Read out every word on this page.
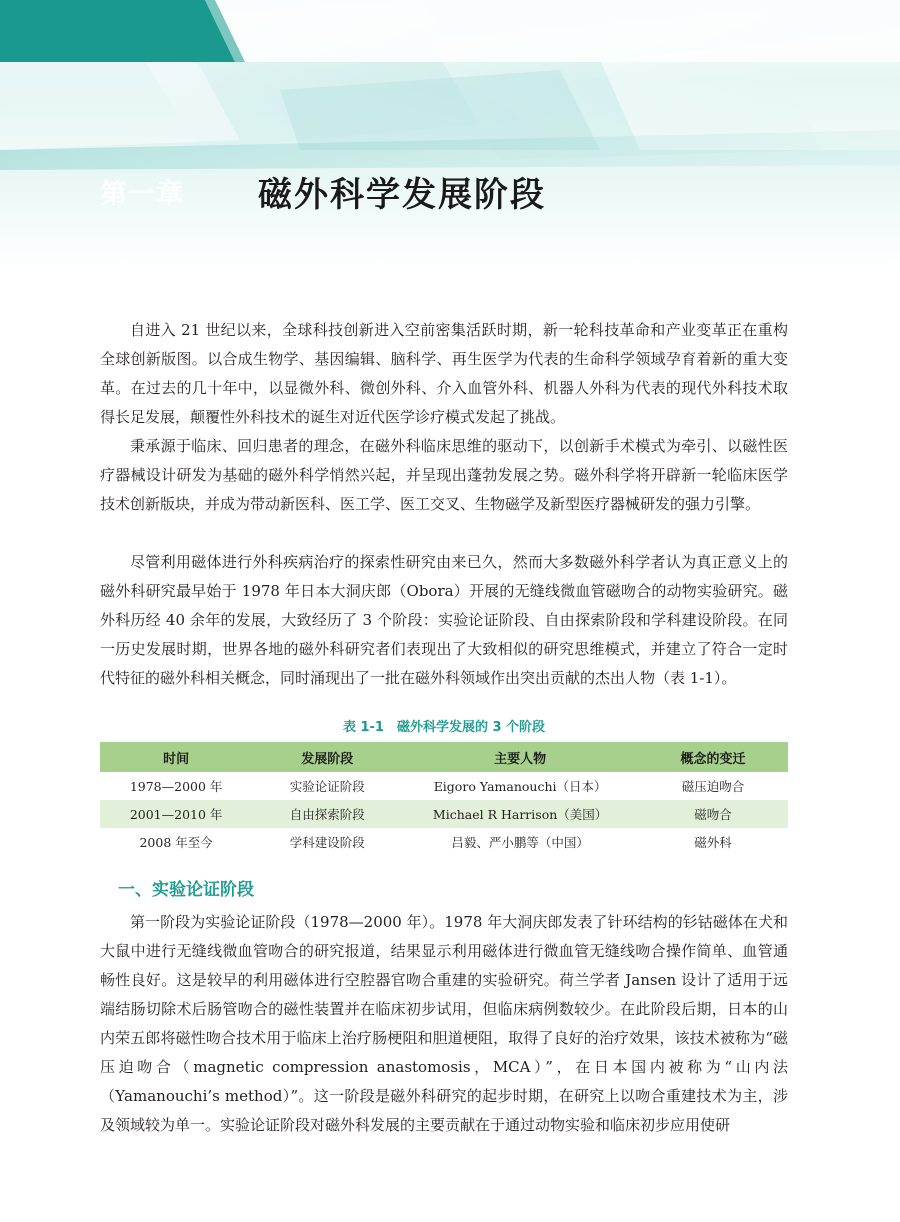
第一章 磁外科学发展阶段

自进入 21 世纪以来，全球科技创新进入空前密集活跃时期，新一轮科技革命和产业变革正在重构全球创新版图。以合成生物学、基因编辑、脑科学、再生医学为代表的生命科学领域孕育着新的重大变革。在过去的几十年中，以显微外科、微创外科、介入血管外科、机器人外科为代表的现代外科技术取得长足发展，颠覆性外科技术的诞生对近代医学诊疗模式发起了挑战。

秉承源于临床、回归患者的理念，在磁外科临床思维的驱动下，以创新手术模式为牵引、以磁性医疗器械设计研发为基础的磁外科学悄然兴起，并呈现出蓬勃发展之势。磁外科学将开辟新一轮临床医学技术创新版块，并成为带动新医科、医工学、医工交叉、生物磁学及新型医疗器械研发的强力引擎。

尽管利用磁体进行外科疾病治疗的探索性研究由来已久，然而大多数磁外科学者认为真正意义上的磁外科研究最早始于 1978 年日本大洞庆郎（Obora）开展的无缝线微血管磁吻合的动物实验研究。磁外科历经 40 余年的发展，大致经历了 3 个阶段：实验论证阶段、自由探索阶段和学科建设阶段。在同一历史发展时期，世界各地的磁外科研究者们表现出了大致相似的研究思维模式，并建立了符合一定时代特征的磁外科相关概念，同时涌现出了一批在磁外科领域作出突出贡献的杰出人物（表 1-1）。

表 1-1　磁外科学发展的 3 个阶段
时间	发展阶段	主要人物	概念的变迁
1978—2000 年	实验论证阶段	Eigoro Yamanouchi（日本）	磁压迫吻合
2001—2010 年	自由探索阶段	Michael R Harrison（美国）	磁吻合
2008 年至今	学科建设阶段	吕毅、严小鹏等（中国）	磁外科
一、实验论证阶段

第一阶段为实验论证阶段（1978—2000 年）。1978 年大洞庆郎发表了针环结构的钐钴磁体在犬和大鼠中进行无缝线微血管吻合的研究报道，结果显示利用磁体进行微血管无缝线吻合操作简单、血管通畅性良好。这是较早的利用磁体进行空腔器官吻合重建的实验研究。荷兰学者 Jansen 设计了适用于远端结肠切除术后肠管吻合的磁性装置并在临床初步试用，但临床病例数较少。在此阶段后期，日本的山内荣五郎将磁性吻合技术用于临床上治疗肠梗阻和胆道梗阻，取得了良好的治疗效果，该技术被称为“磁压迫吻合（magnetic compression anastomosis，MCA）”，在日本国内被称为“山内法（Yamanouchi’s method）”。这一阶段是磁外科研究的起步时期，在研究上以吻合重建技术为主，涉及领域较为单一。实验论证阶段对磁外科发展的主要贡献在于通过动物实验和临床初步应用使研
